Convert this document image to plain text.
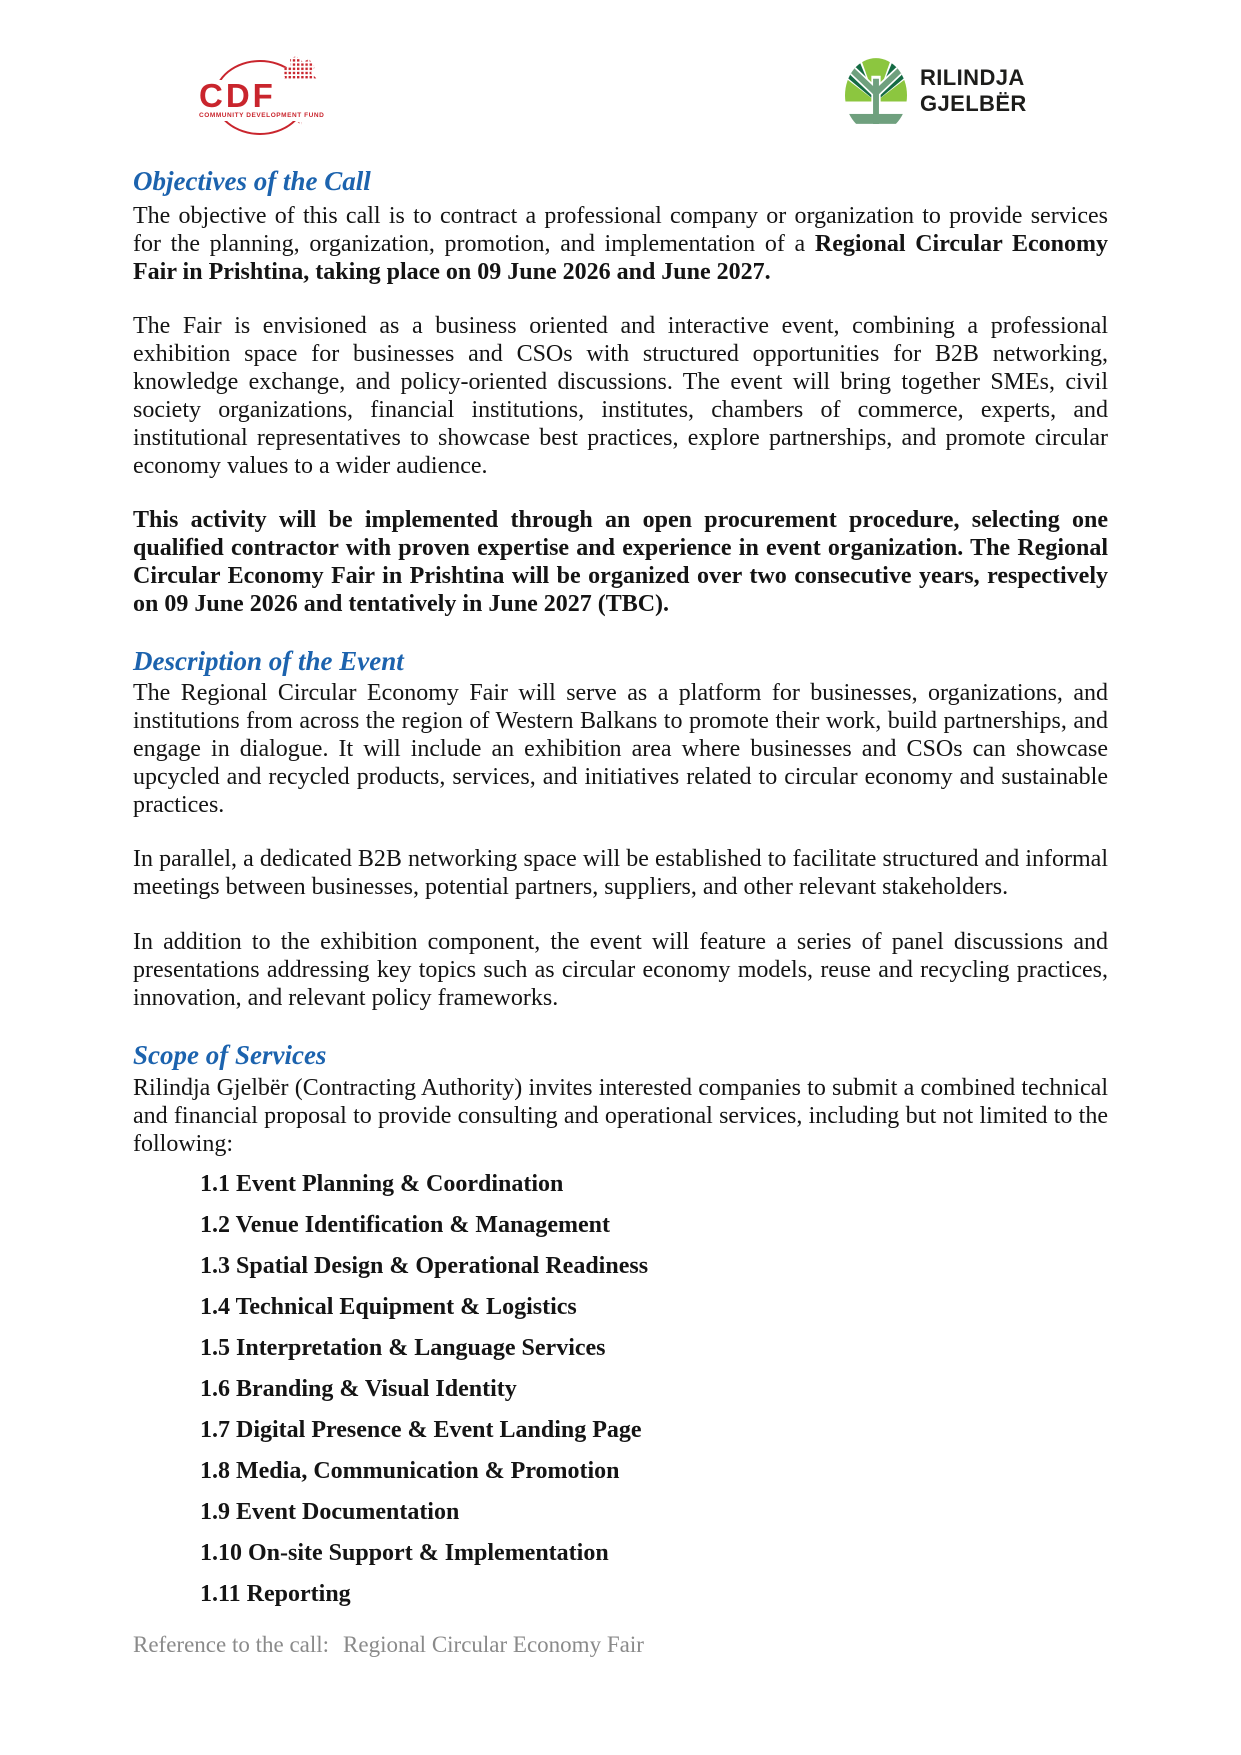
CDF
COMMUNITY DEVELOPMENT FUND
RILINDJA
GJELBËR
Objectives of the Call

The objective of this call is to contract a professional company or organization to provide services for the planning, organization, promotion, and implementation of a Regional Circular Economy Fair in Prishtina, taking place on 09 June 2026 and June 2027.

The Fair is envisioned as a business oriented and interactive event, combining a professional exhibition space for businesses and CSOs with structured opportunities for B2B networking, knowledge exchange, and policy-oriented discussions. The event will bring together SMEs, civil society organizations, financial institutions, institutes, chambers of commerce, experts, and institutional representatives to showcase best practices, explore partnerships, and promote circular economy values to a wider audience.

This activity will be implemented through an open procurement procedure, selecting one qualified contractor with proven expertise and experience in event organization. The Regional Circular Economy Fair in Prishtina will be organized over two consecutive years, respectively on 09 June 2026 and tentatively in June 2027 (TBC).

Description of the Event

The Regional Circular Economy Fair will serve as a platform for businesses, organizations, and institutions from across the region of Western Balkans to promote their work, build partnerships, and engage in dialogue. It will include an exhibition area where businesses and CSOs can showcase upcycled and recycled products, services, and initiatives related to circular economy and sustainable practices.

In parallel, a dedicated B2B networking space will be established to facilitate structured and informal meetings between businesses, potential partners, suppliers, and other relevant stakeholders.

In addition to the exhibition component, the event will feature a series of panel discussions and presentations addressing key topics such as circular economy models, reuse and recycling practices, innovation, and relevant policy frameworks.

Scope of Services

Rilindja Gjelbër (Contracting Authority) invites interested companies to submit a combined technical and financial proposal to provide consulting and operational services, including but not limited to the following:

1.1 Event Planning & Coordination
1.2 Venue Identification & Management
1.3 Spatial Design & Operational Readiness
1.4 Technical Equipment & Logistics
1.5 Interpretation & Language Services
1.6 Branding & Visual Identity
1.7 Digital Presence & Event Landing Page
1.8 Media, Communication & Promotion
1.9 Event Documentation
1.10 On-site Support & Implementation
1.11 Reporting
Reference to the call: Regional Circular Economy Fair
